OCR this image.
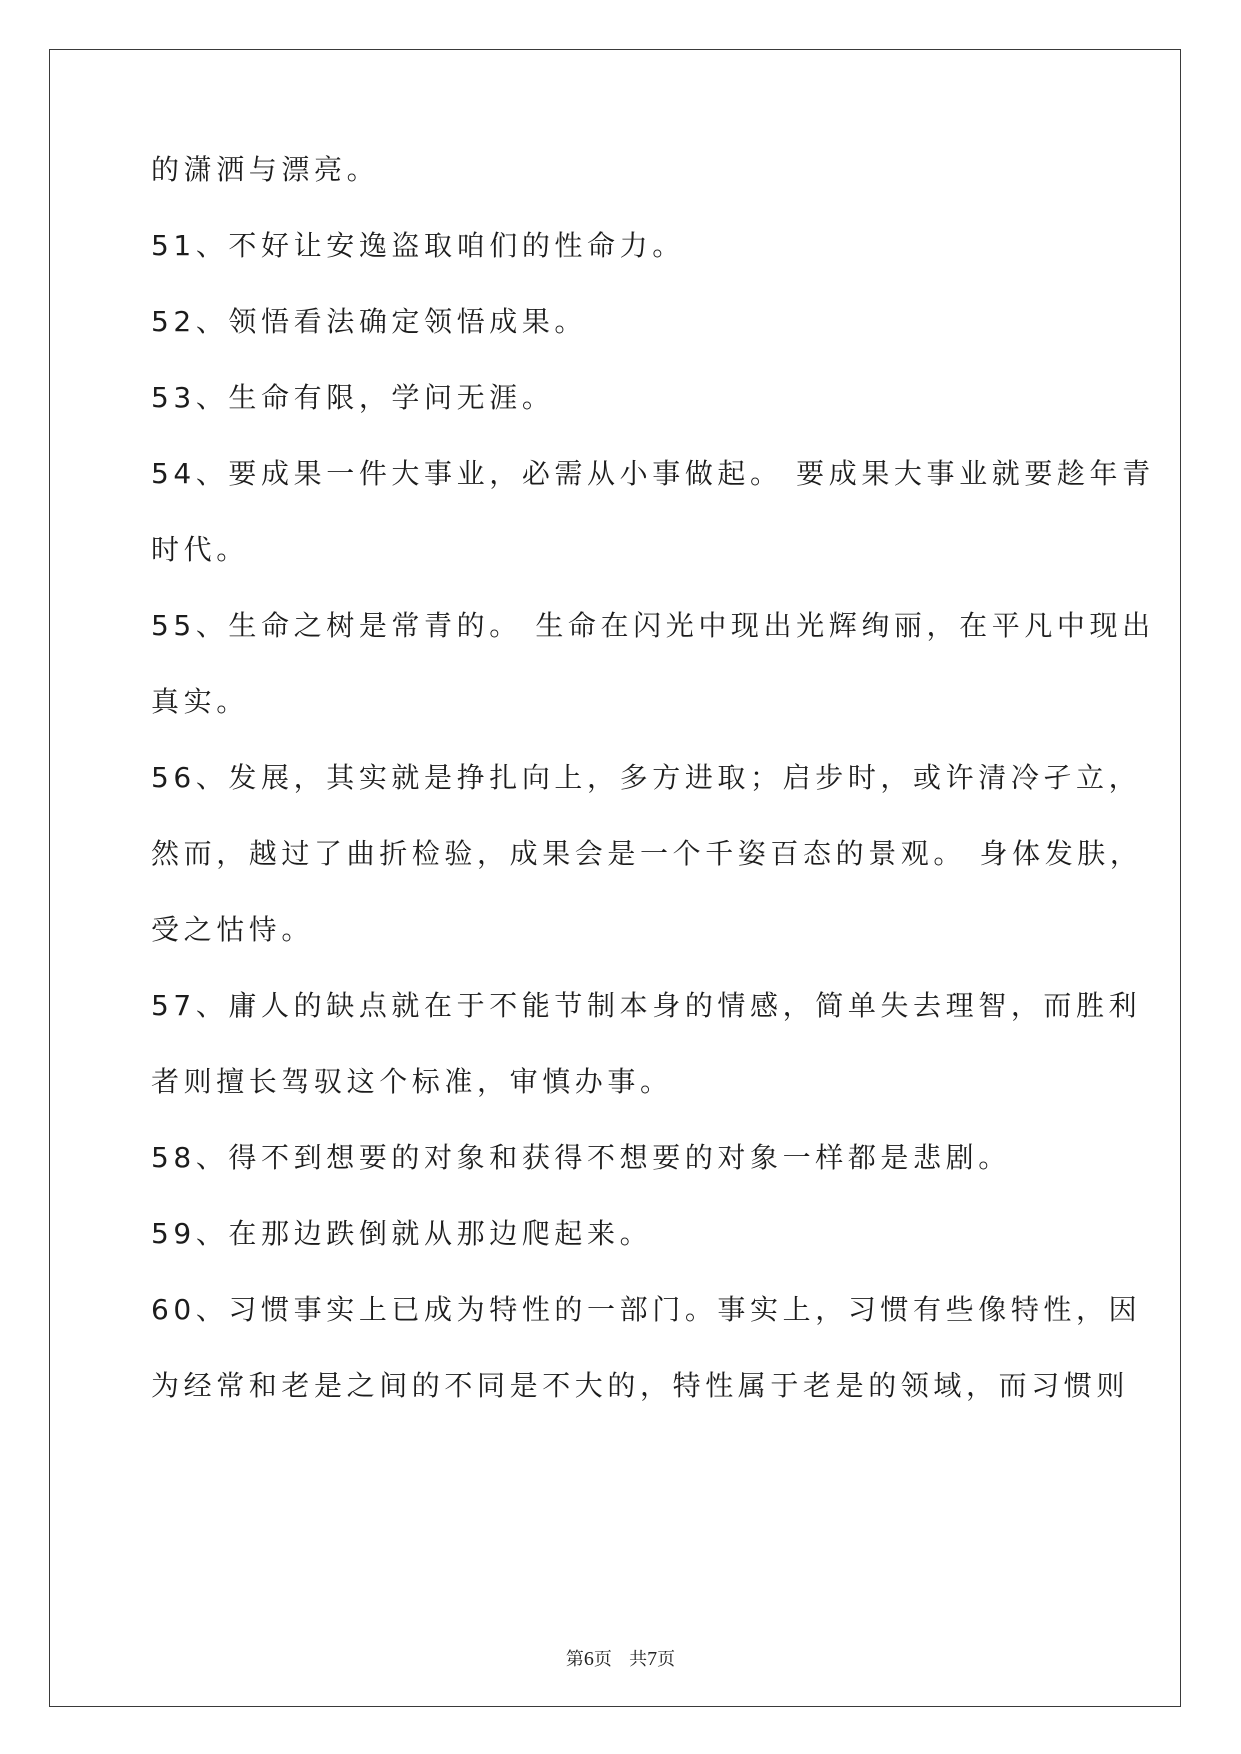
的潇洒与漂亮。
51、不好让安逸盗取咱们的性命力。
52、领悟看法确定领悟成果。
53、生命有限，学问无涯。
54、要成果一件大事业，必需从小事做起。 要成果大事业就要趁年青
时代。
55、生命之树是常青的。 生命在闪光中现出光辉绚丽，在平凡中现出
真实。
56、发展，其实就是挣扎向上，多方进取；启步时，或许清冷孑立，
然而，越过了曲折检验，成果会是一个千姿百态的景观。 身体发肤，
受之怙恃。
57、庸人的缺点就在于不能节制本身的情感，简单失去理智，而胜利
者则擅长驾驭这个标准，审慎办事。
58、得不到想要的对象和获得不想要的对象一样都是悲剧。
59、在那边跌倒就从那边爬起来。
60、习惯事实上已成为特性的一部门。事实上，习惯有些像特性，因
为经常和老是之间的不同是不大的，特性属于老是的领域，而习惯则
第6页 共7页
